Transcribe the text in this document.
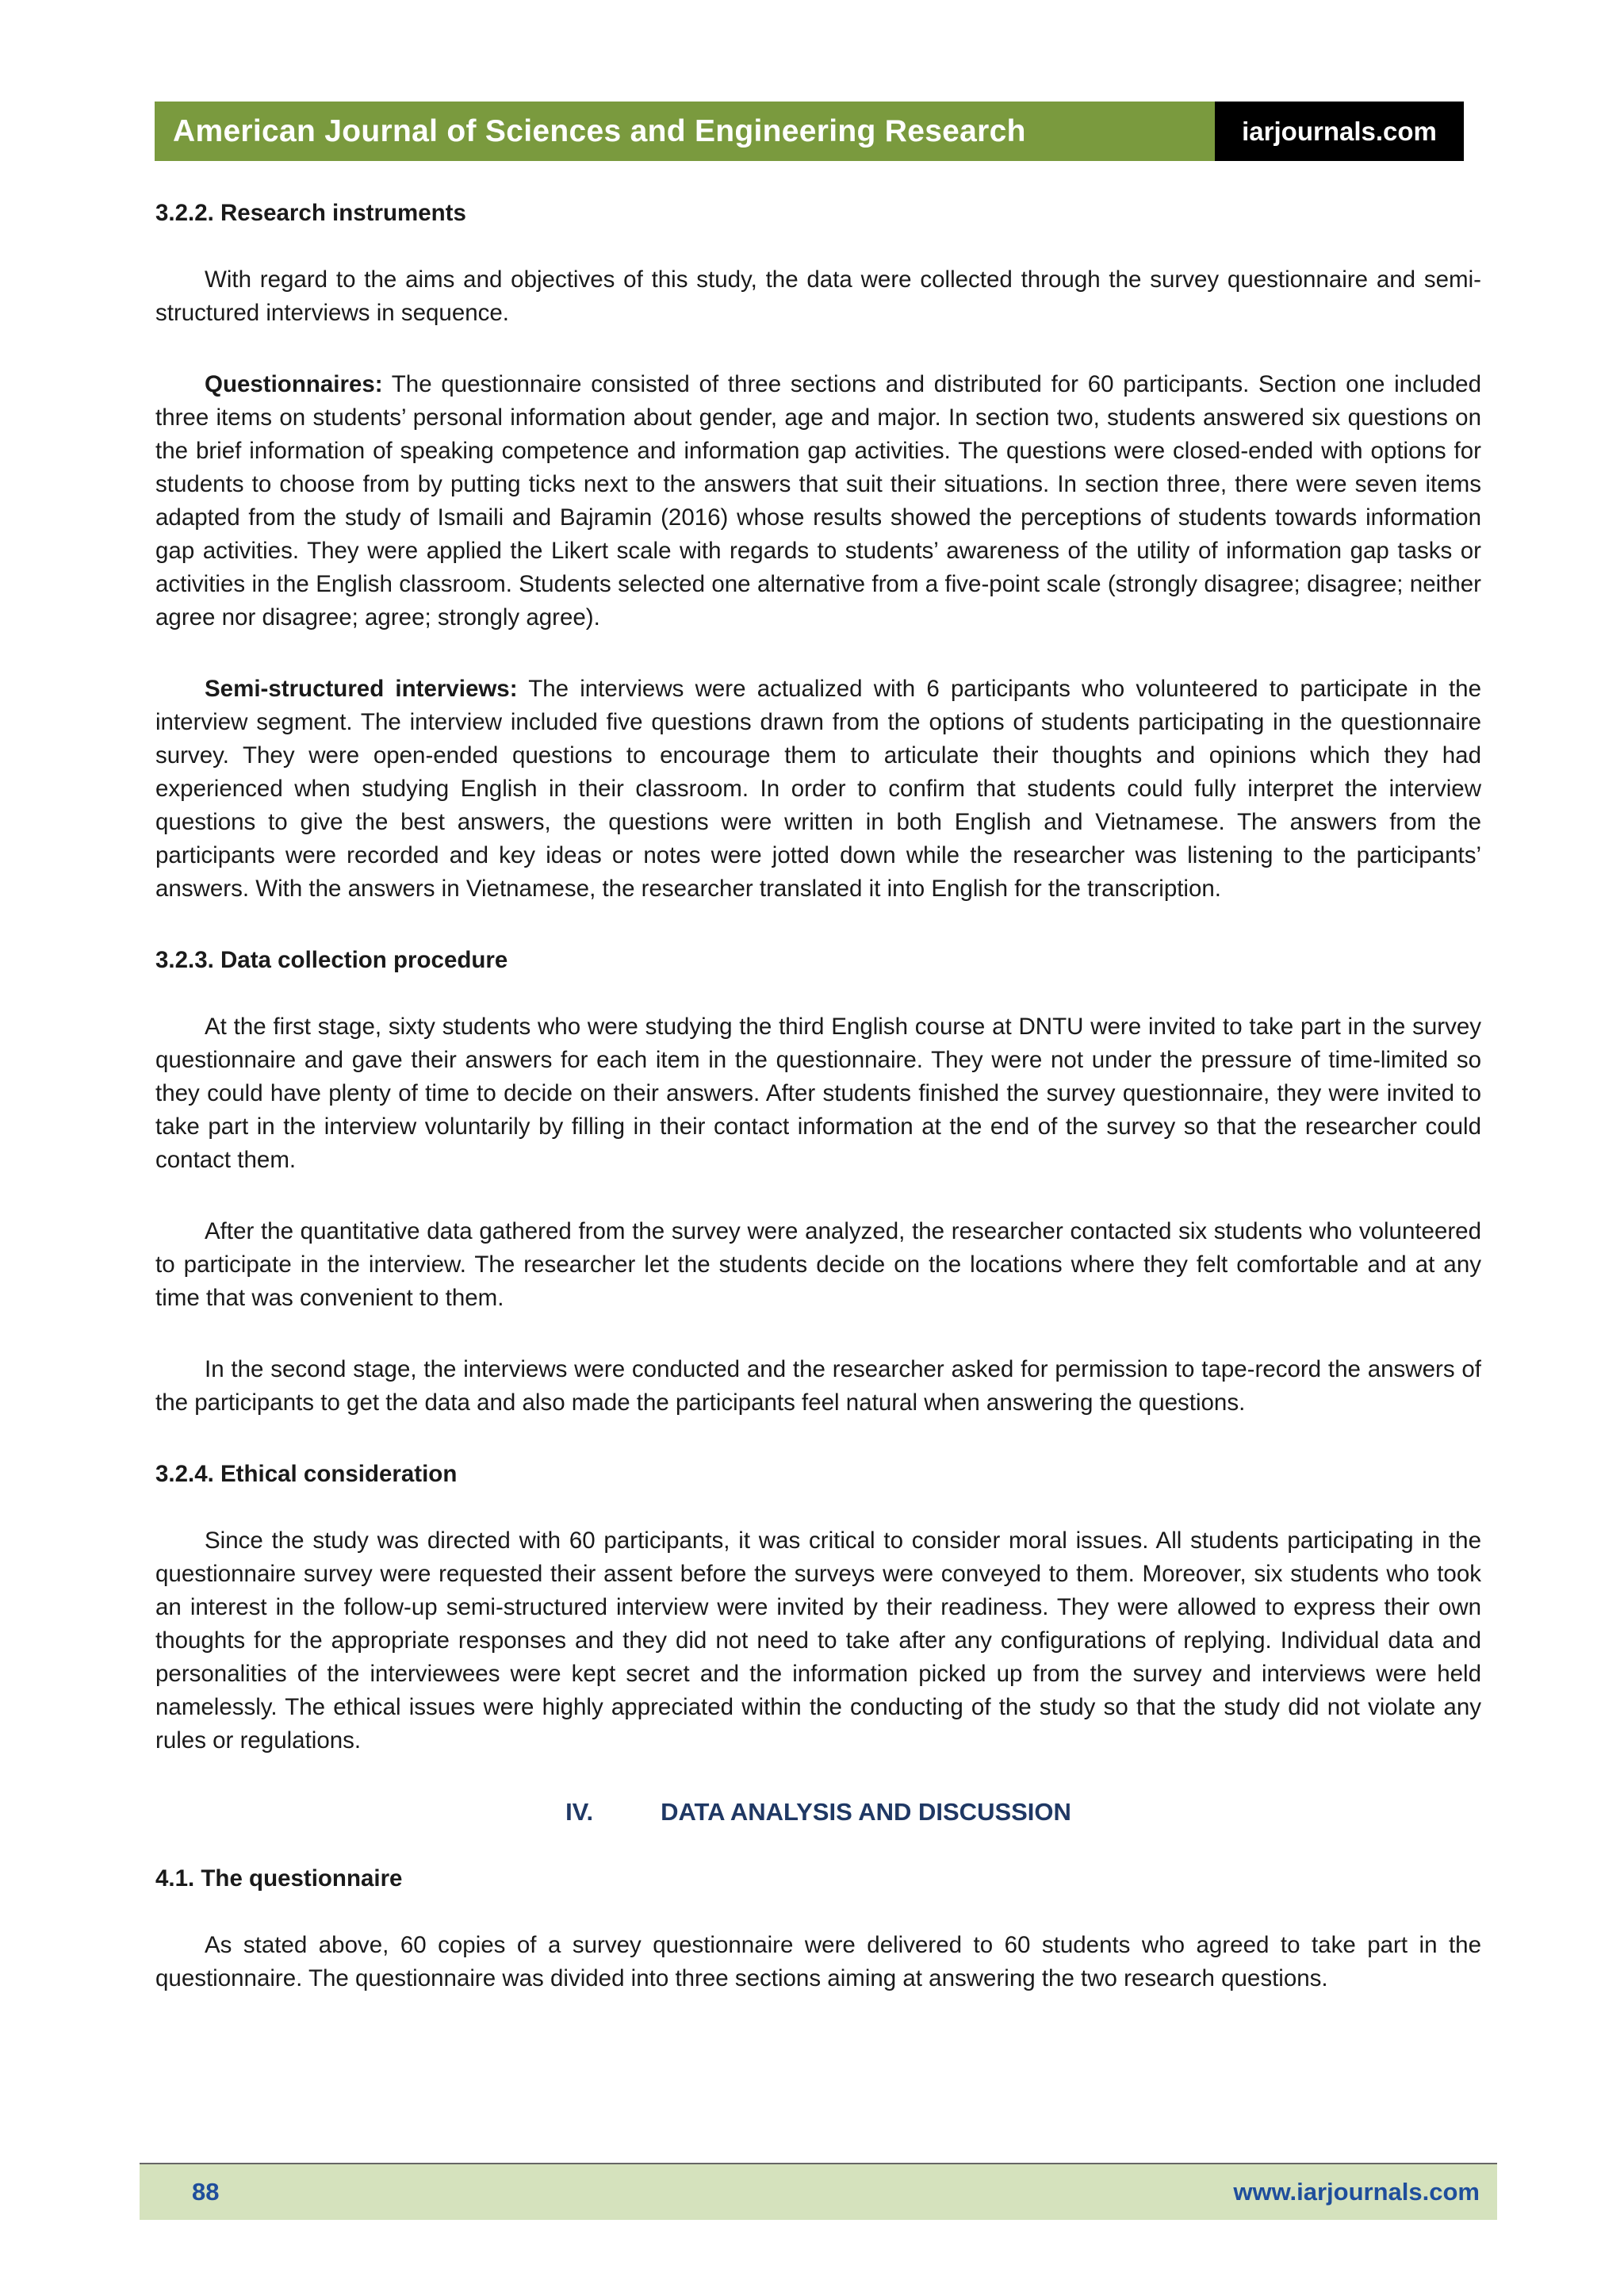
American Journal of Sciences and Engineering Research	iarjournals.com
3.2.2. Research instruments

With regard to the aims and objectives of this study, the data were collected through the survey questionnaire and semi-structured interviews in sequence.

Questionnaires: The questionnaire consisted of three sections and distributed for 60 participants. Section one included three items on students’ personal information about gender, age and major. In section two, students answered six questions on the brief information of speaking competence and information gap activities. The questions were closed-ended with options for students to choose from by putting ticks next to the answers that suit their situations. In section three, there were seven items adapted from the study of Ismaili and Bajramin (2016) whose results showed the perceptions of students towards information gap activities. They were applied the Likert scale with regards to students’ awareness of the utility of information gap tasks or activities in the English classroom. Students selected one alternative from a five-point scale (strongly disagree; disagree; neither agree nor disagree; agree; strongly agree).

Semi-structured interviews: The interviews were actualized with 6 participants who volunteered to participate in the interview segment. The interview included five questions drawn from the options of students participating in the questionnaire survey. They were open-ended questions to encourage them to articulate their thoughts and opinions which they had experienced when studying English in their classroom. In order to confirm that students could fully interpret the interview questions to give the best answers, the questions were written in both English and Vietnamese. The answers from the participants were recorded and key ideas or notes were jotted down while the researcher was listening to the participants’ answers. With the answers in Vietnamese, the researcher translated it into English for the transcription.

3.2.3. Data collection procedure

At the first stage, sixty students who were studying the third English course at DNTU were invited to take part in the survey questionnaire and gave their answers for each item in the questionnaire. They were not under the pressure of time-limited so they could have plenty of time to decide on their answers. After students finished the survey questionnaire, they were invited to take part in the interview voluntarily by filling in their contact information at the end of the survey so that the researcher could contact them.

After the quantitative data gathered from the survey were analyzed, the researcher contacted six students who volunteered to participate in the interview. The researcher let the students decide on the locations where they felt comfortable and at any time that was convenient to them.

In the second stage, the interviews were conducted and the researcher asked for permission to tape-record the answers of the participants to get the data and also made the participants feel natural when answering the questions.

3.2.4. Ethical consideration

Since the study was directed with 60 participants, it was critical to consider moral issues. All students participating in the questionnaire survey were requested their assent before the surveys were conveyed to them. Moreover, six students who took an interest in the follow-up semi-structured interview were invited by their readiness. They were allowed to express their own thoughts for the appropriate responses and they did not need to take after any configurations of replying. Individual data and personalities of the interviewees were kept secret and the information picked up from the survey and interviews were held namelessly. The ethical issues were highly appreciated within the conducting of the study so that the study did not violate any rules or regulations.

IV.	DATA ANALYSIS AND DISCUSSION
4.1. The questionnaire

As stated above, 60 copies of a survey questionnaire were delivered to 60 students who agreed to take part in the questionnaire. The questionnaire was divided into three sections aiming at answering the two research questions.

88	www.iarjournals.com
